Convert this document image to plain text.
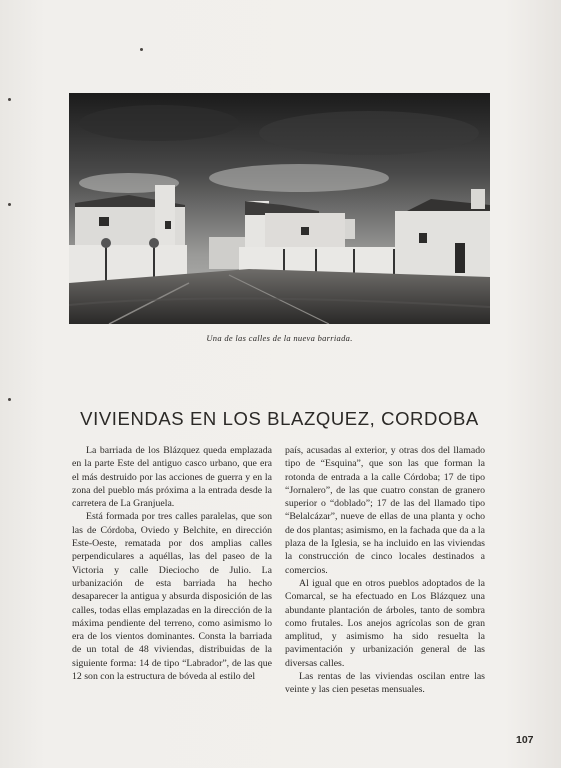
Una de las calles de la nueva barriada.
VIVIENDAS EN LOS BLAZQUEZ, CORDOBA

La barriada de los Blázquez queda emplazada en la parte Este del antiguo casco urbano, que era el más destruido por las acciones de guerra y en la zona del pueblo más próxima a la entrada desde la carretera de La Granjuela.

Está formada por tres calles paralelas, que son las de Córdoba, Oviedo y Belchite, en dirección Este-Oeste, rematada por dos amplias calles perpendiculares a aquéllas, las del paseo de la Victoria y calle Dieciocho de Julio. La urbanización de esta barriada ha hecho desaparecer la antigua y absurda disposición de las calles, todas ellas emplazadas en la dirección de la máxima pendiente del terreno, como asimismo lo era de los vientos dominantes. Consta la barriada de un total de 48 viviendas, distribuidas de la siguiente forma: 14 de tipo “Labrador”, de las que 12 son con la estructura de bóveda al estilo del

país, acusadas al exterior, y otras dos del llamado tipo de “Esquina”, que son las que forman la rotonda de entrada a la calle Córdoba; 17 de tipo “Jornalero”, de las que cuatro constan de granero superior o “doblado”; 17 de las del llamado tipo “Belalcázar”, nueve de ellas de una planta y ocho de dos plantas; asimismo, en la fachada que da a la plaza de la Iglesia, se ha incluido en las viviendas la construcción de cinco locales destinados a comercios.

Al igual que en otros pueblos adoptados de la Comarcal, se ha efectuado en Los Blázquez una abundante plantación de árboles, tanto de sombra como frutales. Los anejos agrícolas son de gran amplitud, y asimismo ha sido resuelta la pavimentación y urbanización general de las diversas calles.

Las rentas de las viviendas oscilan entre las veinte y las cien pesetas mensuales.

107
